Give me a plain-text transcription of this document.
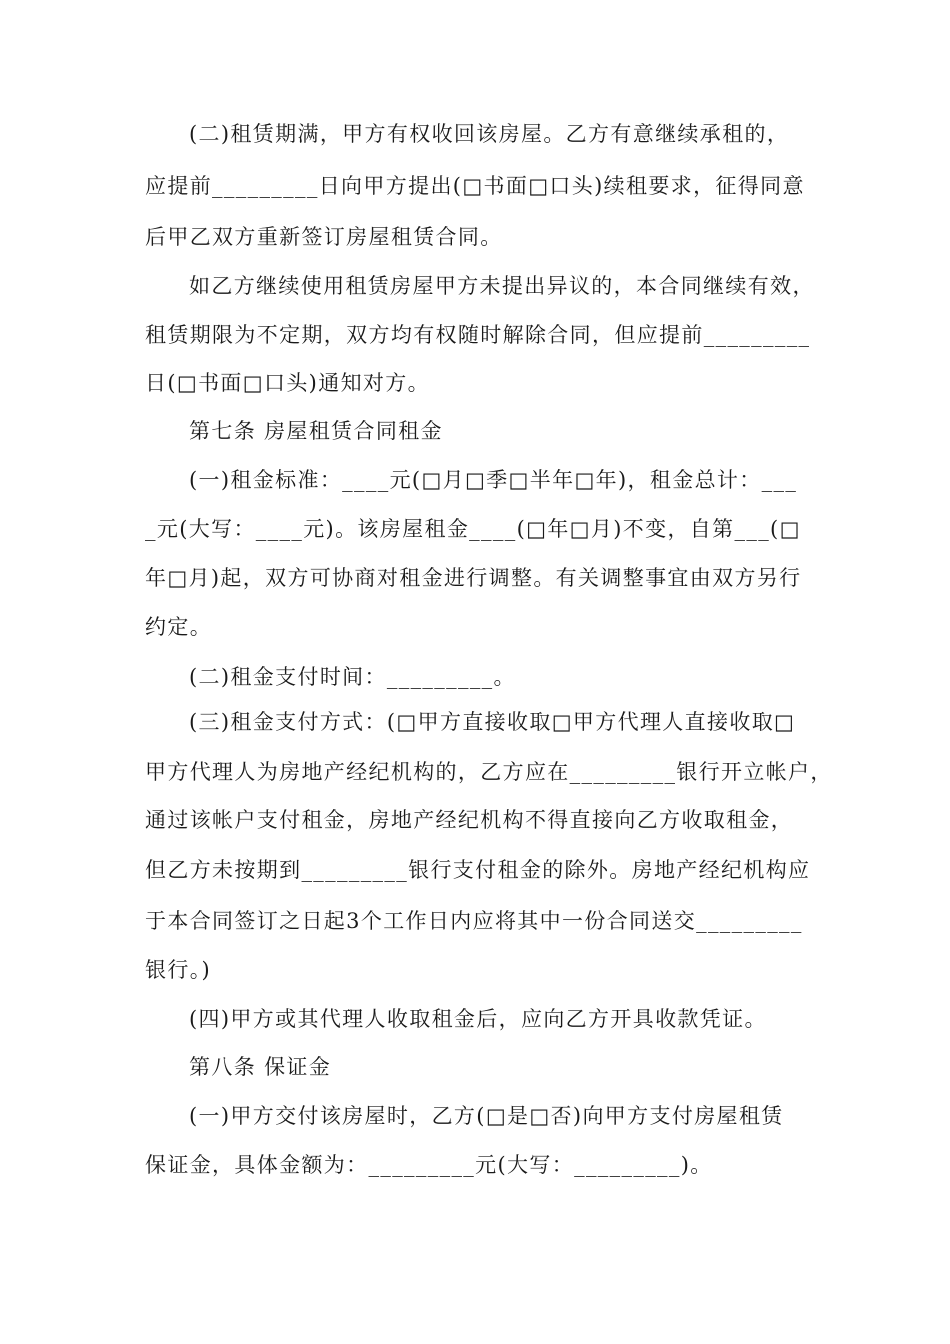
(二)租赁期满，甲方有权收回该房屋。乙方有意继续承租的，

应提前_________日向甲方提出(□书面□口头)续租要求，征得同意

后甲乙双方重新签订房屋租赁合同。

如乙方继续使用租赁房屋甲方未提出异议的，本合同继续有效，

租赁期限为不定期，双方均有权随时解除合同，但应提前_________

日(□书面□口头)通知对方。

第七条 房屋租赁合同租金

(一)租金标准：____元(□月□季□半年□年)，租金总计：___

_元(大写：____元)。该房屋租金____(□年□月)不变，自第___(□

年□月)起，双方可协商对租金进行调整。有关调整事宜由双方另行

约定。

(二)租金支付时间：_________。

(三)租金支付方式：(□甲方直接收取□甲方代理人直接收取□

甲方代理人为房地产经纪机构的，乙方应在_________银行开立帐户，

通过该帐户支付租金，房地产经纪机构不得直接向乙方收取租金，

但乙方未按期到_________银行支付租金的除外。房地产经纪机构应

于本合同签订之日起3个工作日内应将其中一份合同送交_________

银行。)

(四)甲方或其代理人收取租金后，应向乙方开具收款凭证。

第八条 保证金

(一)甲方交付该房屋时，乙方(□是□否)向甲方支付房屋租赁

保证金，具体金额为：_________元(大写：_________)。
